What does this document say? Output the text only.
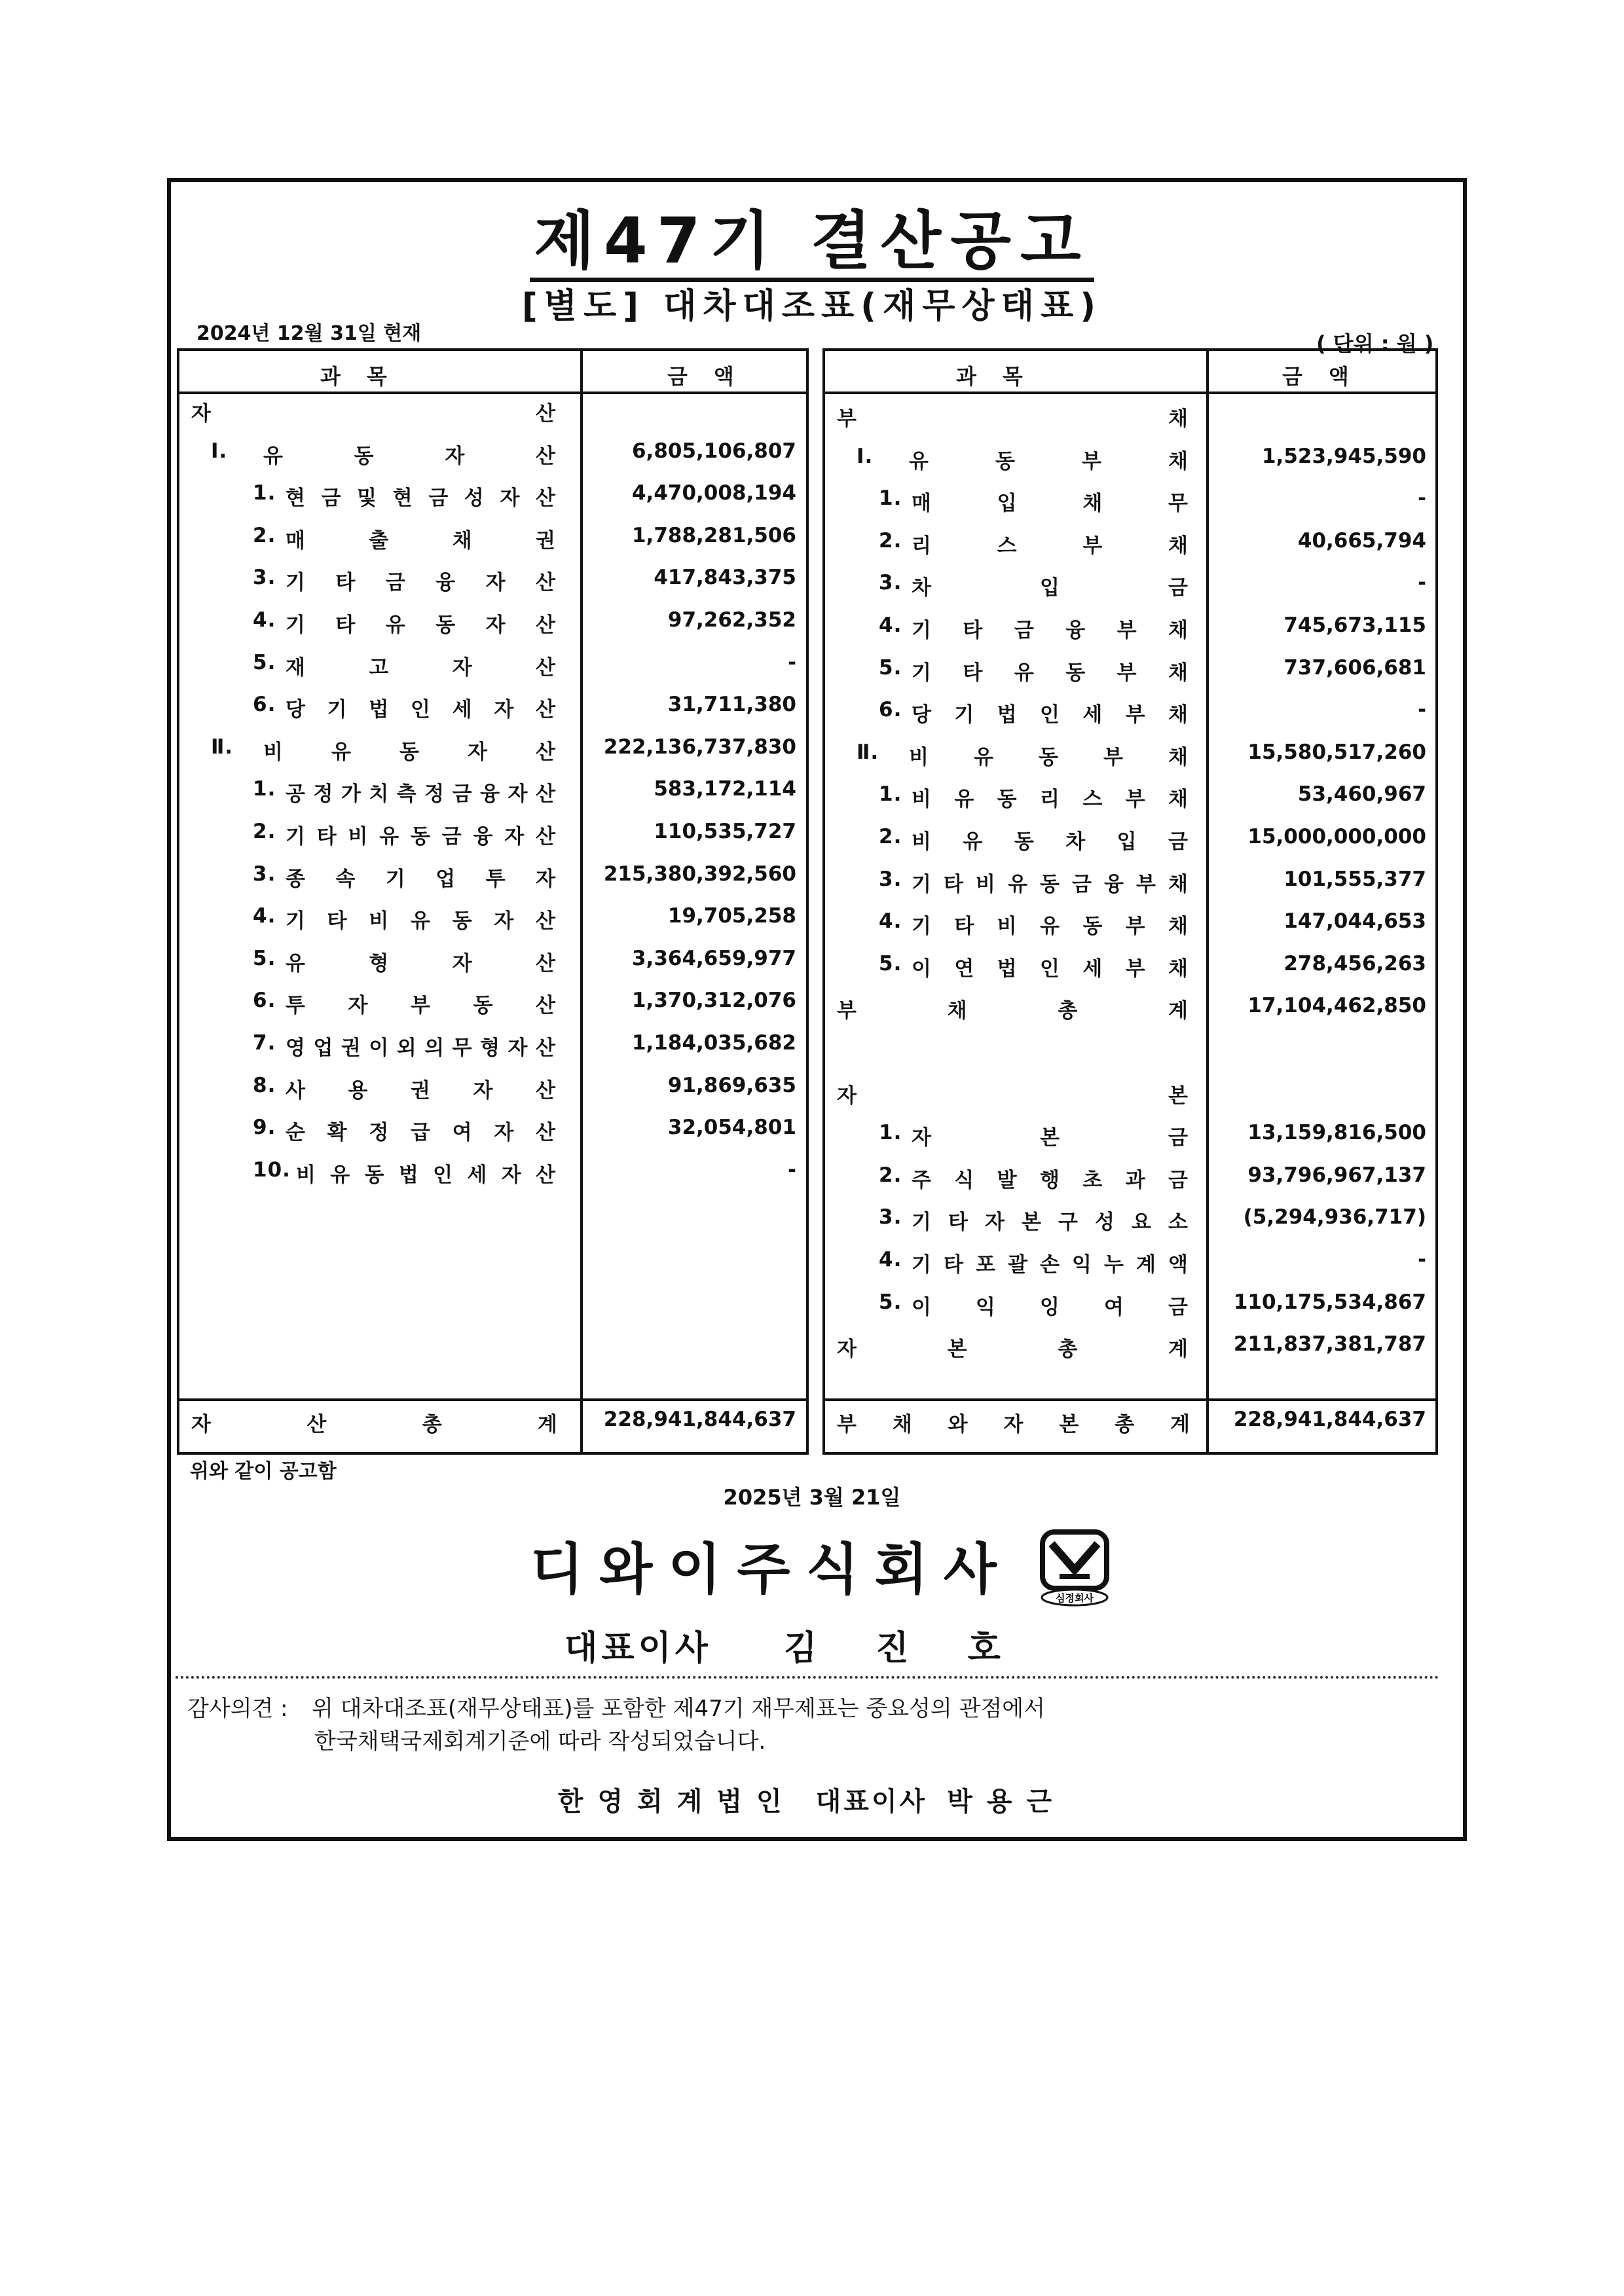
제47기 결산공고
[별도] 대차대조표(재무상태표)
2024년 12월 31일 현재	( 단위 : 원 )
과목	금액
자	산
Ⅰ. 유	동	자	산	6,805,106,807
1. 현 금 및 현 금 성 자 산	4,470,008,194
2. 매	출	채	권	1,788,281,506
3. 기 타 금 융 자 산	417,843,375
4. 기 타 유 동 자 산	97,262,352
5. 재	고	자	산	-
6. 당 기 법 인 세 자 산	31,711,380
Ⅱ. 비 유 동 자 산	222,136,737,830
1. 공 정 가 치 측 정 금 융 자 산	583,172,114
2. 기 타 비 유 동 금 융 자 산	110,535,727
3. 종 속 기 업 투 자	215,380,392,560
4. 기 타 비 유 동 자 산	19,705,258
5. 유	형	자	산	3,364,659,977
6. 투 자 부 동 산	1,370,312,076
7. 영 업 권 이 외 의 무 형 자 산	1,184,035,682
8. 사 용 권 자 산	91,869,635
9. 순 확 정 급 여 자 산	32,054,801
10. 비 유 동 법 인 세 자 산	-
자	산	총	계	228,941,844,637
과목	금액
부	채
Ⅰ. 유	동	부	채	1,523,945,590
1. 매	입	채	무	-
2. 리	스	부	채	40,665,794
3. 차	입	금	-
4. 기 타 금 융 부 채	745,673,115
5. 기 타 유 동 부 채	737,606,681
6. 당 기 법 인 세 부 채	-
Ⅱ. 비 유 동 부 채	15,580,517,260
1. 비 유 동 리 스 부 채	53,460,967
2. 비 유 동 차 입 금	15,000,000,000
3. 기 타 비 유 동 금 융 부 채	101,555,377
4. 기 타 비 유 동 부 채	147,044,653
5. 이 연 법 인 세 부 채	278,456,263
부	채	총	계	17,104,462,850
자	본
1. 자	본	금	13,159,816,500
2. 주 식 발 행 초 과 금	93,796,967,137
3. 기 타 자 본 구 성 요 소	(5,294,936,717)
4. 기 타 포 괄 손 익 누 계 액	-
5. 이 익 잉 여 금	110,175,534,867
자	본	총	계	211,837,381,787
부 채 와 자 본 총 계	228,941,844,637
위와 같이 공고함
2025년 3월 21일
디와이주식회사	심정회사
대표이사 김진호
감사의견 : 위 대차대조표(재무상태표)를 포함한 제47기 재무제표는 중요성의 관점에서
한국채택국제회계기준에 따라 작성되었습니다.
한영회계법인 대표이사 박용근
